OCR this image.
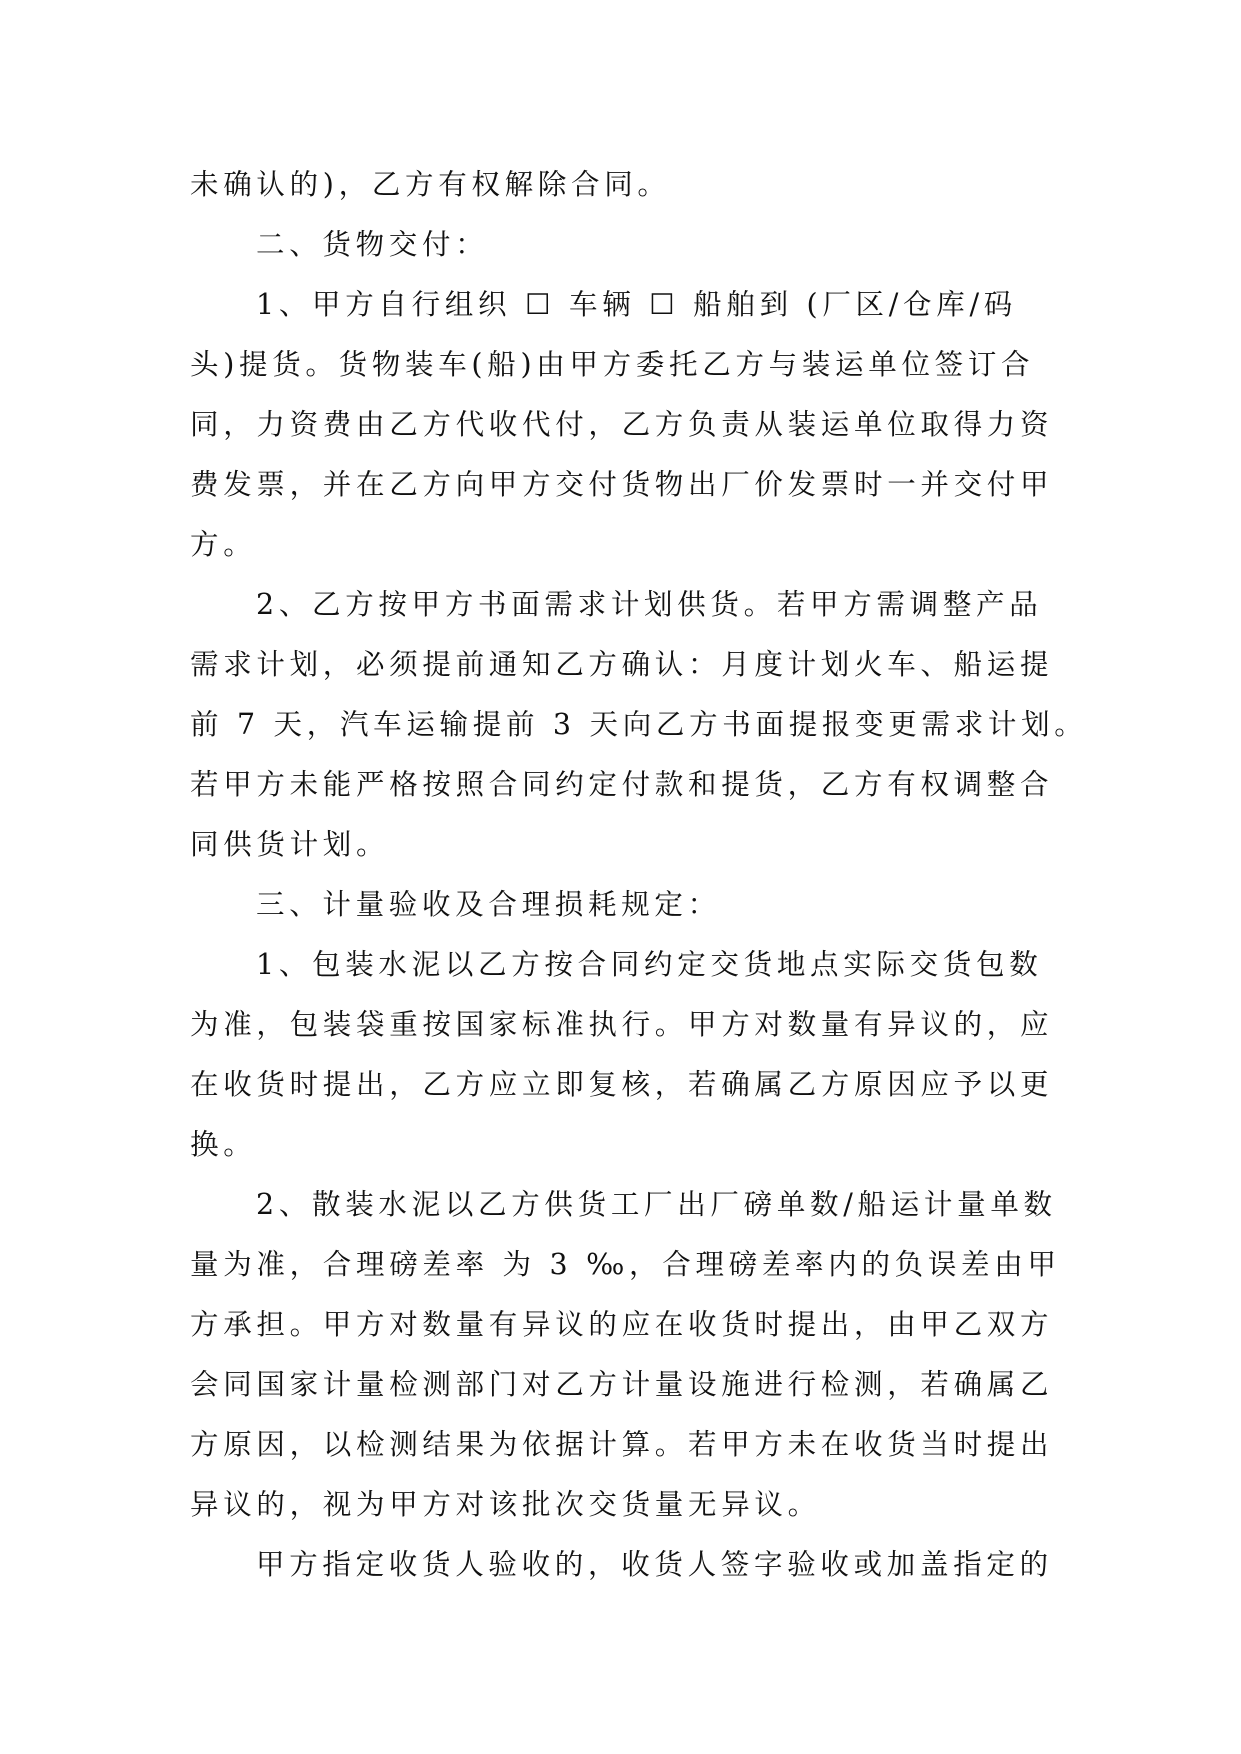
未确认的)，乙方有权解除合同。
二、货物交付：
1、甲方自行组织 ☐ 车辆 ☐ 船舶到 (厂区/仓库/码
头)提货。货物装车(船)由甲方委托乙方与装运单位签订合
同，力资费由乙方代收代付，乙方负责从装运单位取得力资
费发票，并在乙方向甲方交付货物出厂价发票时一并交付甲
方。
2、乙方按甲方书面需求计划供货。若甲方需调整产品
需求计划，必须提前通知乙方确认：月度计划火车、船运提
前 7 天，汽车运输提前 3 天向乙方书面提报变更需求计划。
若甲方未能严格按照合同约定付款和提货，乙方有权调整合
同供货计划。
三、计量验收及合理损耗规定：
1、包装水泥以乙方按合同约定交货地点实际交货包数
为准，包装袋重按国家标准执行。甲方对数量有异议的，应
在收货时提出，乙方应立即复核，若确属乙方原因应予以更
换。
2、散装水泥以乙方供货工厂出厂磅单数/船运计量单数
量为准，合理磅差率 为 3 ‰，合理磅差率内的负误差由甲
方承担。甲方对数量有异议的应在收货时提出，由甲乙双方
会同国家计量检测部门对乙方计量设施进行检测，若确属乙
方原因，以检测结果为依据计算。若甲方未在收货当时提出
异议的，视为甲方对该批次交货量无异议。
甲方指定收货人验收的，收货人签字验收或加盖指定的
